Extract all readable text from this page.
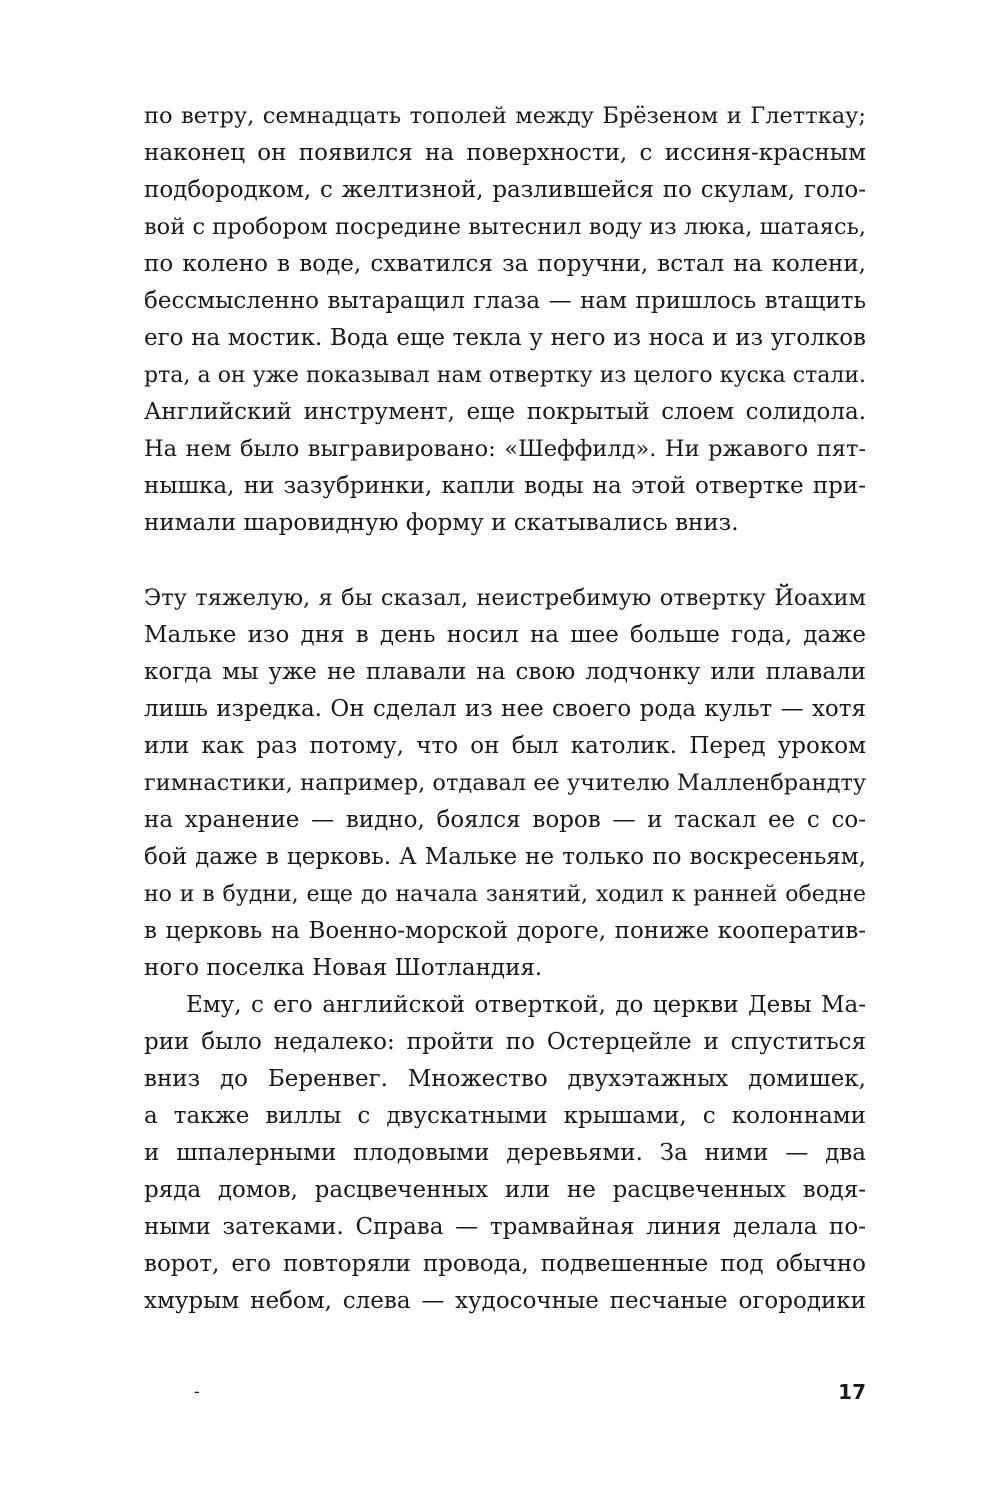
по ветру, семнадцать тополей между Брёзеном и Глетткау;
наконец он появился на поверхности, с иссиня-красным
подбородком, с желтизной, разлившейся по скулам, голо-
вой с пробором посредине вытеснил воду из люка, шатаясь,
по колено в воде, схватился за поручни, встал на колени,
бессмысленно вытаращил глаза — нам пришлось втащить
его на мостик. Вода еще текла у него из носа и из уголков
рта, а он уже показывал нам отвертку из целого куска стали.
Английский инструмент, еще покрытый слоем солидола.
На нем было выгравировано: «Шеффилд». Ни ржавого пят-
нышка, ни зазубринки, капли воды на этой отвертке при-
нимали шаровидную форму и скатывались вниз.
Эту тяжелую, я бы сказал, неистребимую отвертку Йоахим
Мальке изо дня в день носил на шее больше года, даже
когда мы уже не плавали на свою лодчонку или плавали
лишь изредка. Он сделал из нее своего рода культ — хотя
или как раз потому, что он был католик. Перед уроком
гимнастики, например, отдавал ее учителю Малленбрандту
на хранение — видно, боялся воров — и таскал ее с со-
бой даже в церковь. А Мальке не только по воскресеньям,
но и в будни, еще до начала занятий, ходил к ранней обедне
в церковь на Военно-морской дороге, пониже кооператив-
ного поселка Новая Шотландия.
Ему, с его английской отверткой, до церкви Девы Ма-
рии было недалеко: пройти по Остерцейле и спуститься
вниз до Беренвег. Множество двухэтажных домишек,
а также виллы с двускатными крышами, с колоннами
и шпалерными плодовыми деревьями. За ними — два
ряда домов, расцвеченных или не расцвеченных водя-
ными затеками. Справа — трамвайная линия делала по-
ворот, его повторяли провода, подвешенные под обычно
хмурым небом, слева — худосочные песчаные огородики
-	17
